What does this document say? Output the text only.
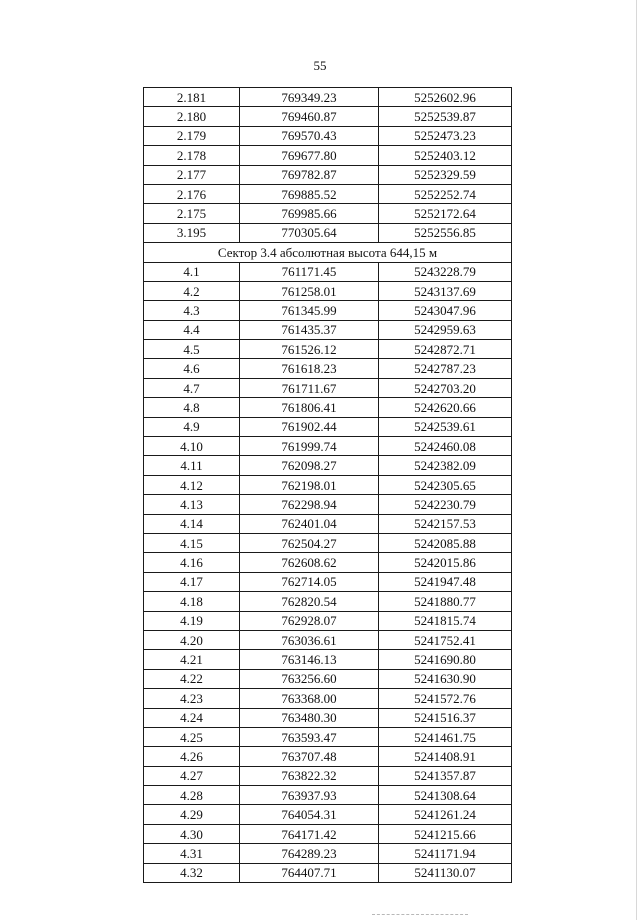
55
2.181	769349.23	5252602.96
2.180	769460.87	5252539.87
2.179	769570.43	5252473.23
2.178	769677.80	5252403.12
2.177	769782.87	5252329.59
2.176	769885.52	5252252.74
2.175	769985.66	5252172.64
3.195	770305.64	5252556.85
Сектор 3.4 абсолютная высота 644,15 м		
4.1	761171.45	5243228.79
4.2	761258.01	5243137.69
4.3	761345.99	5243047.96
4.4	761435.37	5242959.63
4.5	761526.12	5242872.71
4.6	761618.23	5242787.23
4.7	761711.67	5242703.20
4.8	761806.41	5242620.66
4.9	761902.44	5242539.61
4.10	761999.74	5242460.08
4.11	762098.27	5242382.09
4.12	762198.01	5242305.65
4.13	762298.94	5242230.79
4.14	762401.04	5242157.53
4.15	762504.27	5242085.88
4.16	762608.62	5242015.86
4.17	762714.05	5241947.48
4.18	762820.54	5241880.77
4.19	762928.07	5241815.74
4.20	763036.61	5241752.41
4.21	763146.13	5241690.80
4.22	763256.60	5241630.90
4.23	763368.00	5241572.76
4.24	763480.30	5241516.37
4.25	763593.47	5241461.75
4.26	763707.48	5241408.91
4.27	763822.32	5241357.87
4.28	763937.93	5241308.64
4.29	764054.31	5241261.24
4.30	764171.42	5241215.66
4.31	764289.23	5241171.94
4.32	764407.71	5241130.07
